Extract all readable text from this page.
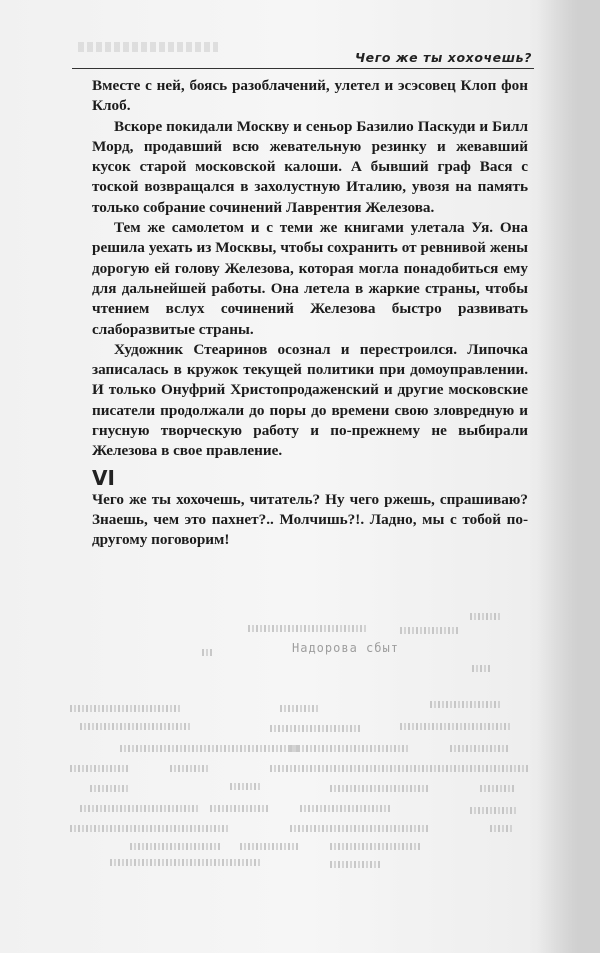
Чего же ты хохочешь?

Вместе с ней, боясь разоблачений, улетел и эсэсовец Клоп фон Клоб.

Вскоре покидали Москву и сеньор Базилио Паскуди и Билл Морд, продавший всю жевательную резинку и жевавший кусок старой московской калоши. А бывший граф Вася с тоской возвращался в захолустную Италию, увозя на память только собрание сочинений Лаврентия Железова.

Тем же самолетом и с теми же книгами улетала Уя. Она решила уехать из Москвы, чтобы сохранить от ревнивой жены дорогую ей голову Железова, которая могла понадобиться ему для дальнейшей работы. Она летела в жаркие страны, чтобы чтением вслух сочинений Железова быстро развивать слаборазвитые страны.

Художник Стеаринов осознал и перестроился. Липочка записалась в кружок текущей политики при домоуправлении. И только Онуфрий Христопродаженский и другие московские писатели продолжали до поры до времени свою зловредную и гнусную творческую работу и по-прежнему не выбирали Железова в свое правление.

VI

Чего же ты хохочешь, читатель? Ну чего ржешь, спрашиваю? Знаешь, чем это пахнет?.. Молчишь?!. Ладно, мы с тобой по-другому поговорим!

Надорова сбыт
